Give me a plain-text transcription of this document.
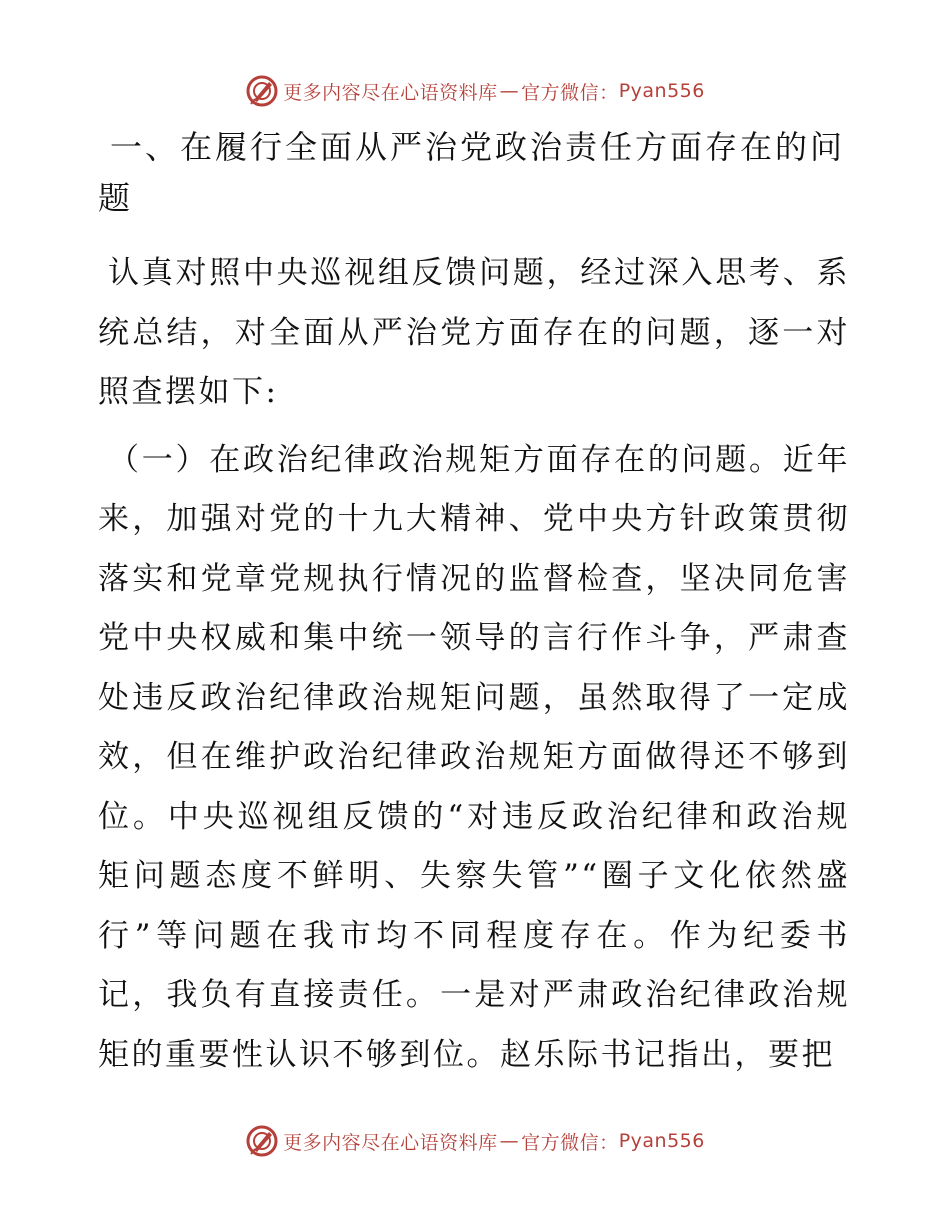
更多内容尽在心语资料库 — 官方微信： Pyan556
一、在履行全面从严治党政治责任方面存在的问题

认真对照中央巡视组反馈问题，经过深入思考、系统总结，对全面从严治党方面存在的问题，逐一对照查摆如下:

（一）在政治纪律政治规矩方面存在的问题。近年来，加强对党的十九大精神、党中央方针政策贯彻落实和党章党规执行情况的监督检查，坚决同危害党中央权威和集中统一领导的言行作斗争，严肃查处违反政治纪律政治规矩问题，虽然取得了一定成效，但在维护政治纪律政治规矩方面做得还不够到位。中央巡视组反馈的“对违反政治纪律和政治规矩问题态度不鲜明、失察失管”“圈子文化依然盛行”等问题在我市均不同程度存在。作为纪委书记，我负有直接责任。一是对严肃政治纪律政治规矩的重要性认识不够到位。赵乐际书记指出，要把

更多内容尽在心语资料库 — 官方微信： Pyan556
